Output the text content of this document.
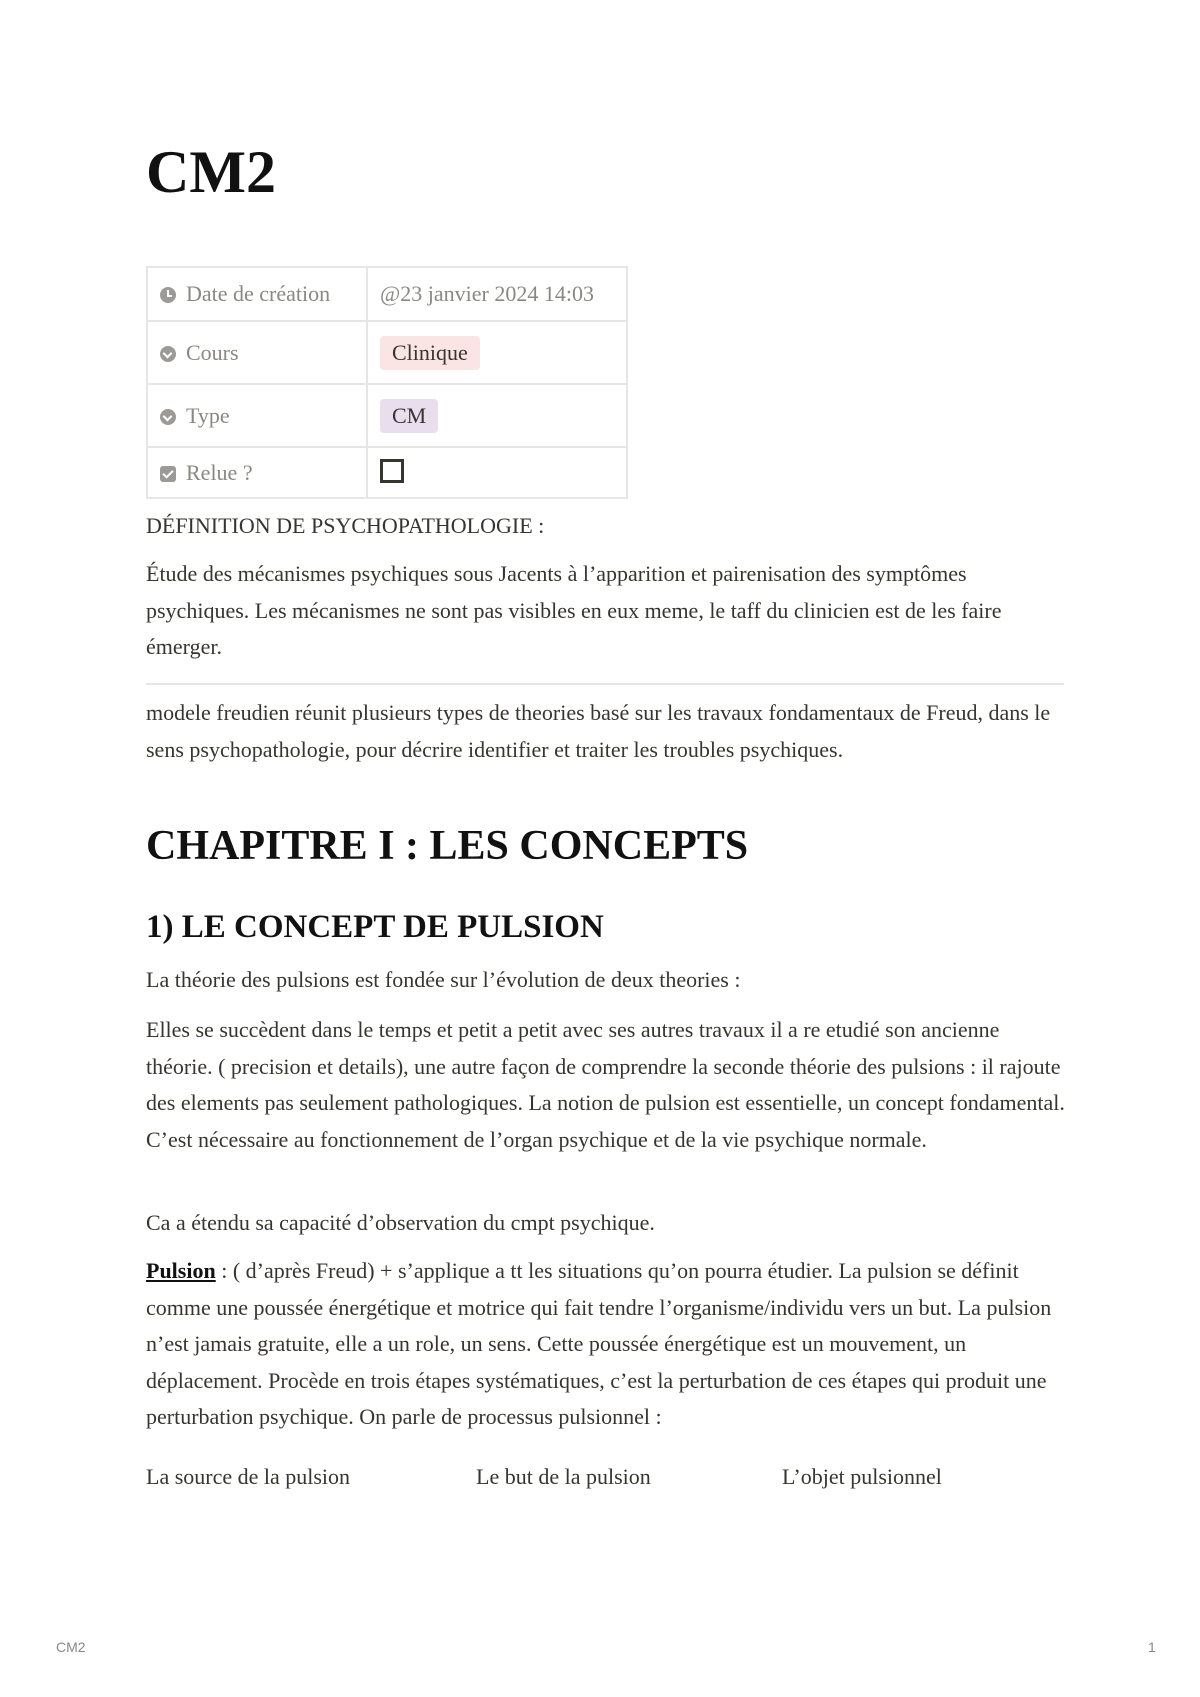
CM2
Date de création	@23 janvier 2024 14:03
Cours	Clinique
Type	CM
Relue ?	

DÉFINITION DE PSYCHOPATHOLOGIE :

Étude des mécanismes psychiques sous Jacents à l’apparition et pairenisation des symptômes psychiques. Les mécanismes ne sont pas visibles en eux meme, le taff du clinicien est de les faire émerger.

modele freudien réunit plusieurs types de theories basé sur les travaux fondamentaux de Freud, dans le sens psychopathologie, pour décrire identifier et traiter les troubles psychiques.

CHAPITRE I : LES CONCEPTS
1) LE CONCEPT DE PULSION

La théorie des pulsions est fondée sur l’évolution de deux theories :

Elles se succèdent dans le temps et petit a petit avec ses autres travaux il a re etudié son ancienne théorie. ( precision et details), une autre façon de comprendre la seconde théorie des pulsions : il rajoute des elements pas seulement pathologiques. La notion de pulsion est essentielle, un concept fondamental. C’est nécessaire au fonctionnement de l’organ psychique et de la vie psychique normale.

Ca a étendu sa capacité d’observation du cmpt psychique.

Pulsion : ( d’après Freud) + s’applique a tt les situations qu’on pourra étudier. La pulsion se définit comme une poussée énergétique et motrice qui fait tendre l’organisme/individu vers un but. La pulsion n’est jamais gratuite, elle a un role, un sens. Cette poussée énergétique est un mouvement, un déplacement. Procède en trois étapes systématiques, c’est la perturbation de ces étapes qui produit une perturbation psychique. On parle de processus pulsionnel :

La source de la pulsion	Le but de la pulsion	L’objet pulsionnel
CM2	1
